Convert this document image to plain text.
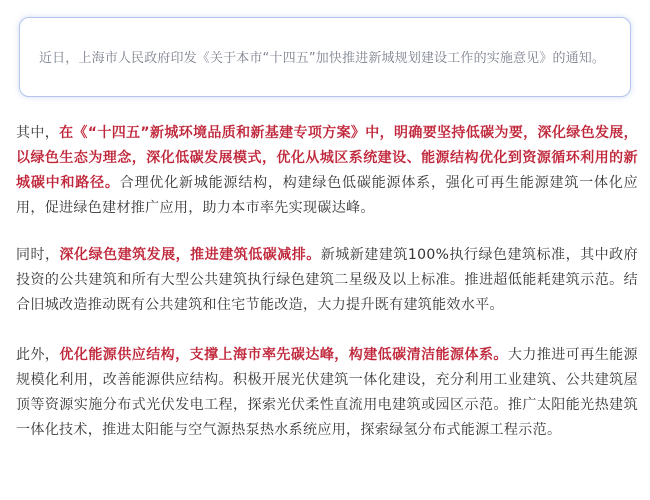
近日，上海市人民政府印发《关于本市“十四五”加快推进新城规划建设工作的实施意见》的通知。

其中，在《“十四五”新城环境品质和新基建专项方案》中，明确要坚持低碳为要，深化绿色发展，以绿色生态为理念，深化低碳发展模式，优化从城区系统建设、能源结构优化到资源循环利用的新城碳中和路径。合理优化新城能源结构，构建绿色低碳能源体系，强化可再生能源建筑一体化应用，促进绿色建材推广应用，助力本市率先实现碳达峰。

同时，深化绿色建筑发展，推进建筑低碳减排。新城新建建筑100%执行绿色建筑标准，其中政府投资的公共建筑和所有大型公共建筑执行绿色建筑二星级及以上标准。推进超低能耗建筑示范。结合旧城改造推动既有公共建筑和住宅节能改造，大力提升既有建筑能效水平。

此外，优化能源供应结构，支撑上海市率先碳达峰，构建低碳清洁能源体系。大力推进可再生能源规模化利用，改善能源供应结构。积极开展光伏建筑一体化建设，充分利用工业建筑、公共建筑屋顶等资源实施分布式光伏发电工程，探索光伏柔性直流用电建筑或园区示范。推广太阳能光热建筑一体化技术，推进太阳能与空气源热泵热水系统应用，探索绿氢分布式能源工程示范。
